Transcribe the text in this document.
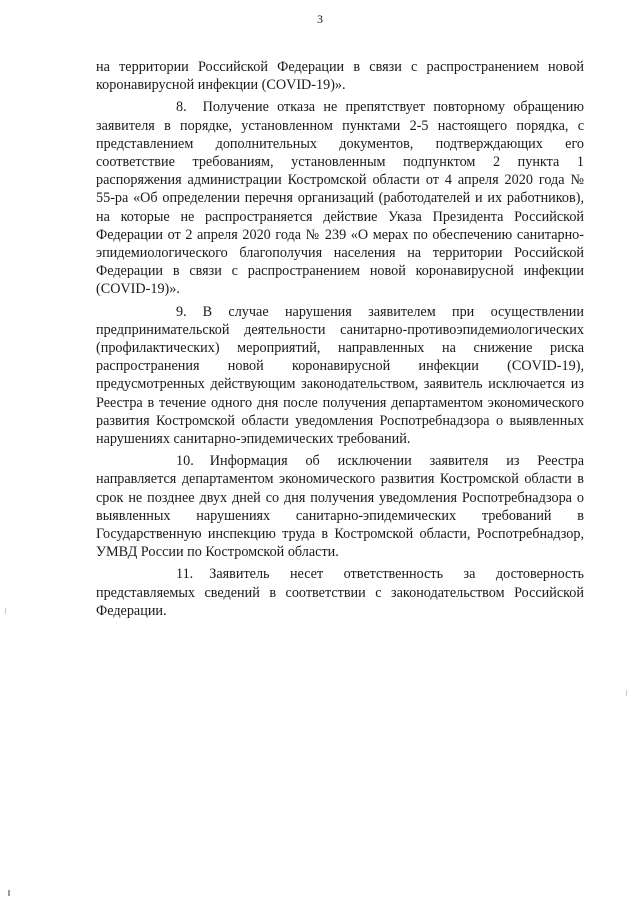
3

на территории Российской Федерации в связи с распространением новой коронавирусной инфекции (COVID-19)».

8. Получение отказа не препятствует повторному обращению заявителя в порядке, установленном пунктами 2-5 настоящего порядка, с представлением дополнительных документов, подтверждающих его соответствие требованиям, установленным подпунктом 2 пункта 1 распоряжения администрации Костромской области от 4 апреля 2020 года № 55-ра «Об определении перечня организаций (работодателей и их работников), на которые не распространяется действие Указа Президента Российской Федерации от 2 апреля 2020 года № 239 «О мерах по обеспечению санитарно-эпидемиологического благополучия населения на территории Российской Федерации в связи с распространением новой коронавирусной инфекции (COVID-19)».

9. В случае нарушения заявителем при осуществлении предпринимательской деятельности санитарно-противоэпидемиологических (профилактических) мероприятий, направленных на снижение риска распространения новой коронавирусной инфекции (COVID-19), предусмотренных действующим законодательством, заявитель исключается из Реестра в течение одного дня после получения департаментом экономического развития Костромской области уведомления Роспотребнадзора о выявленных нарушениях санитарно-эпидемических требований.

10. Информация об исключении заявителя из Реестра направляется департаментом экономического развития Костромской области в срок не позднее двух дней со дня получения уведомления Роспотребнадзора о выявленных нарушениях санитарно-эпидемических требований в Государственную инспекцию труда в Костромской области, Роспотребнадзор, УМВД России по Костромской области.

11. Заявитель несет ответственность за достоверность представляемых сведений в соответствии с законодательством Российской Федерации.
